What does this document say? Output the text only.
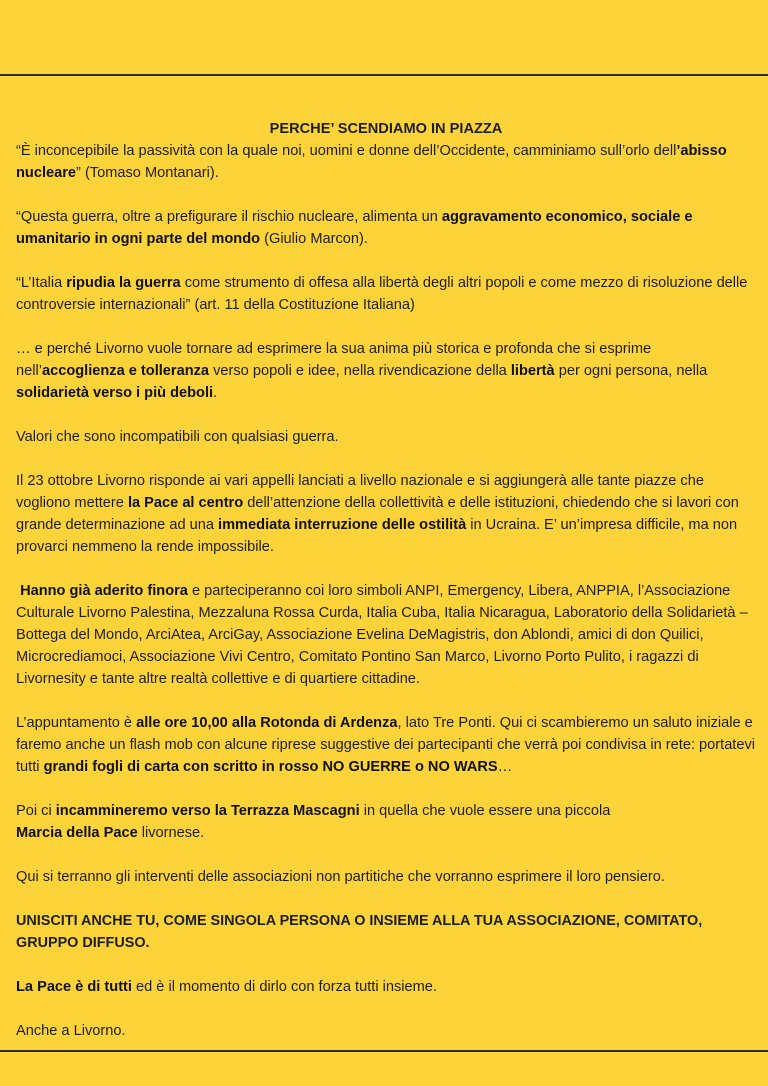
PERCHE’ SCENDIAMO IN PIAZZA

“È inconcepibile la passività con la quale noi, uomini e donne dell’Occidente, camminiamo sull’orlo dell’abisso nucleare” (Tomaso Montanari).

“Questa guerra, oltre a prefigurare il rischio nucleare, alimenta un aggravamento economico, sociale e umanitario in ogni parte del mondo (Giulio Marcon).

“L’Italia ripudia la guerra come strumento di offesa alla libertà degli altri popoli e come mezzo di risoluzione delle controversie internazionali” (art. 11 della Costituzione Italiana)

… e perché Livorno vuole tornare ad esprimere la sua anima più storica e profonda che si esprime nell’accoglienza e tolleranza verso popoli e idee, nella rivendicazione della libertà per ogni persona, nella solidarietà verso i più deboli.

Valori che sono incompatibili con qualsiasi guerra.

Il 23 ottobre Livorno risponde ai vari appelli lanciati a livello nazionale e si aggiungerà alle tante piazze che vogliono mettere la Pace al centro dell’attenzione della collettività e delle istituzioni, chiedendo che si lavori con grande determinazione ad una immediata interruzione delle ostilità in Ucraina. E’ un’impresa difficile, ma non provarci nemmeno la rende impossibile.

Hanno già aderito finora e parteciperanno coi loro simboli ANPI, Emergency, Libera, ANPPIA, l’Associazione Culturale Livorno Palestina, Mezzaluna Rossa Curda, Italia Cuba, Italia Nicaragua, Laboratorio della Solidarietà – Bottega del Mondo, ArciAtea, ArciGay, Associazione Evelina DeMagistris, don Ablondi, amici di don Quilici, Microcrediamoci, Associazione Vivi Centro, Comitato Pontino San Marco, Livorno Porto Pulito, i ragazzi di Livornesity e tante altre realtà collettive e di quartiere cittadine.

L’appuntamento è alle ore 10,00 alla Rotonda di Ardenza, lato Tre Ponti. Qui ci scambieremo un saluto iniziale e faremo anche un flash mob con alcune riprese suggestive dei partecipanti che verrà poi condivisa in rete: portatevi tutti grandi fogli di carta con scritto in rosso NO GUERRE o NO WARS…

Poi ci incammineremo verso la Terrazza Mascagni in quella che vuole essere una piccola
Marcia della Pace livornese.

Qui si terranno gli interventi delle associazioni non partitiche che vorranno esprimere il loro pensiero.

UNISCITI ANCHE TU, COME SINGOLA PERSONA O INSIEME ALLA TUA ASSOCIAZIONE, COMITATO, GRUPPO DIFFUSO.

La Pace è di tutti ed è il momento di dirlo con forza tutti insieme.

Anche a Livorno.
